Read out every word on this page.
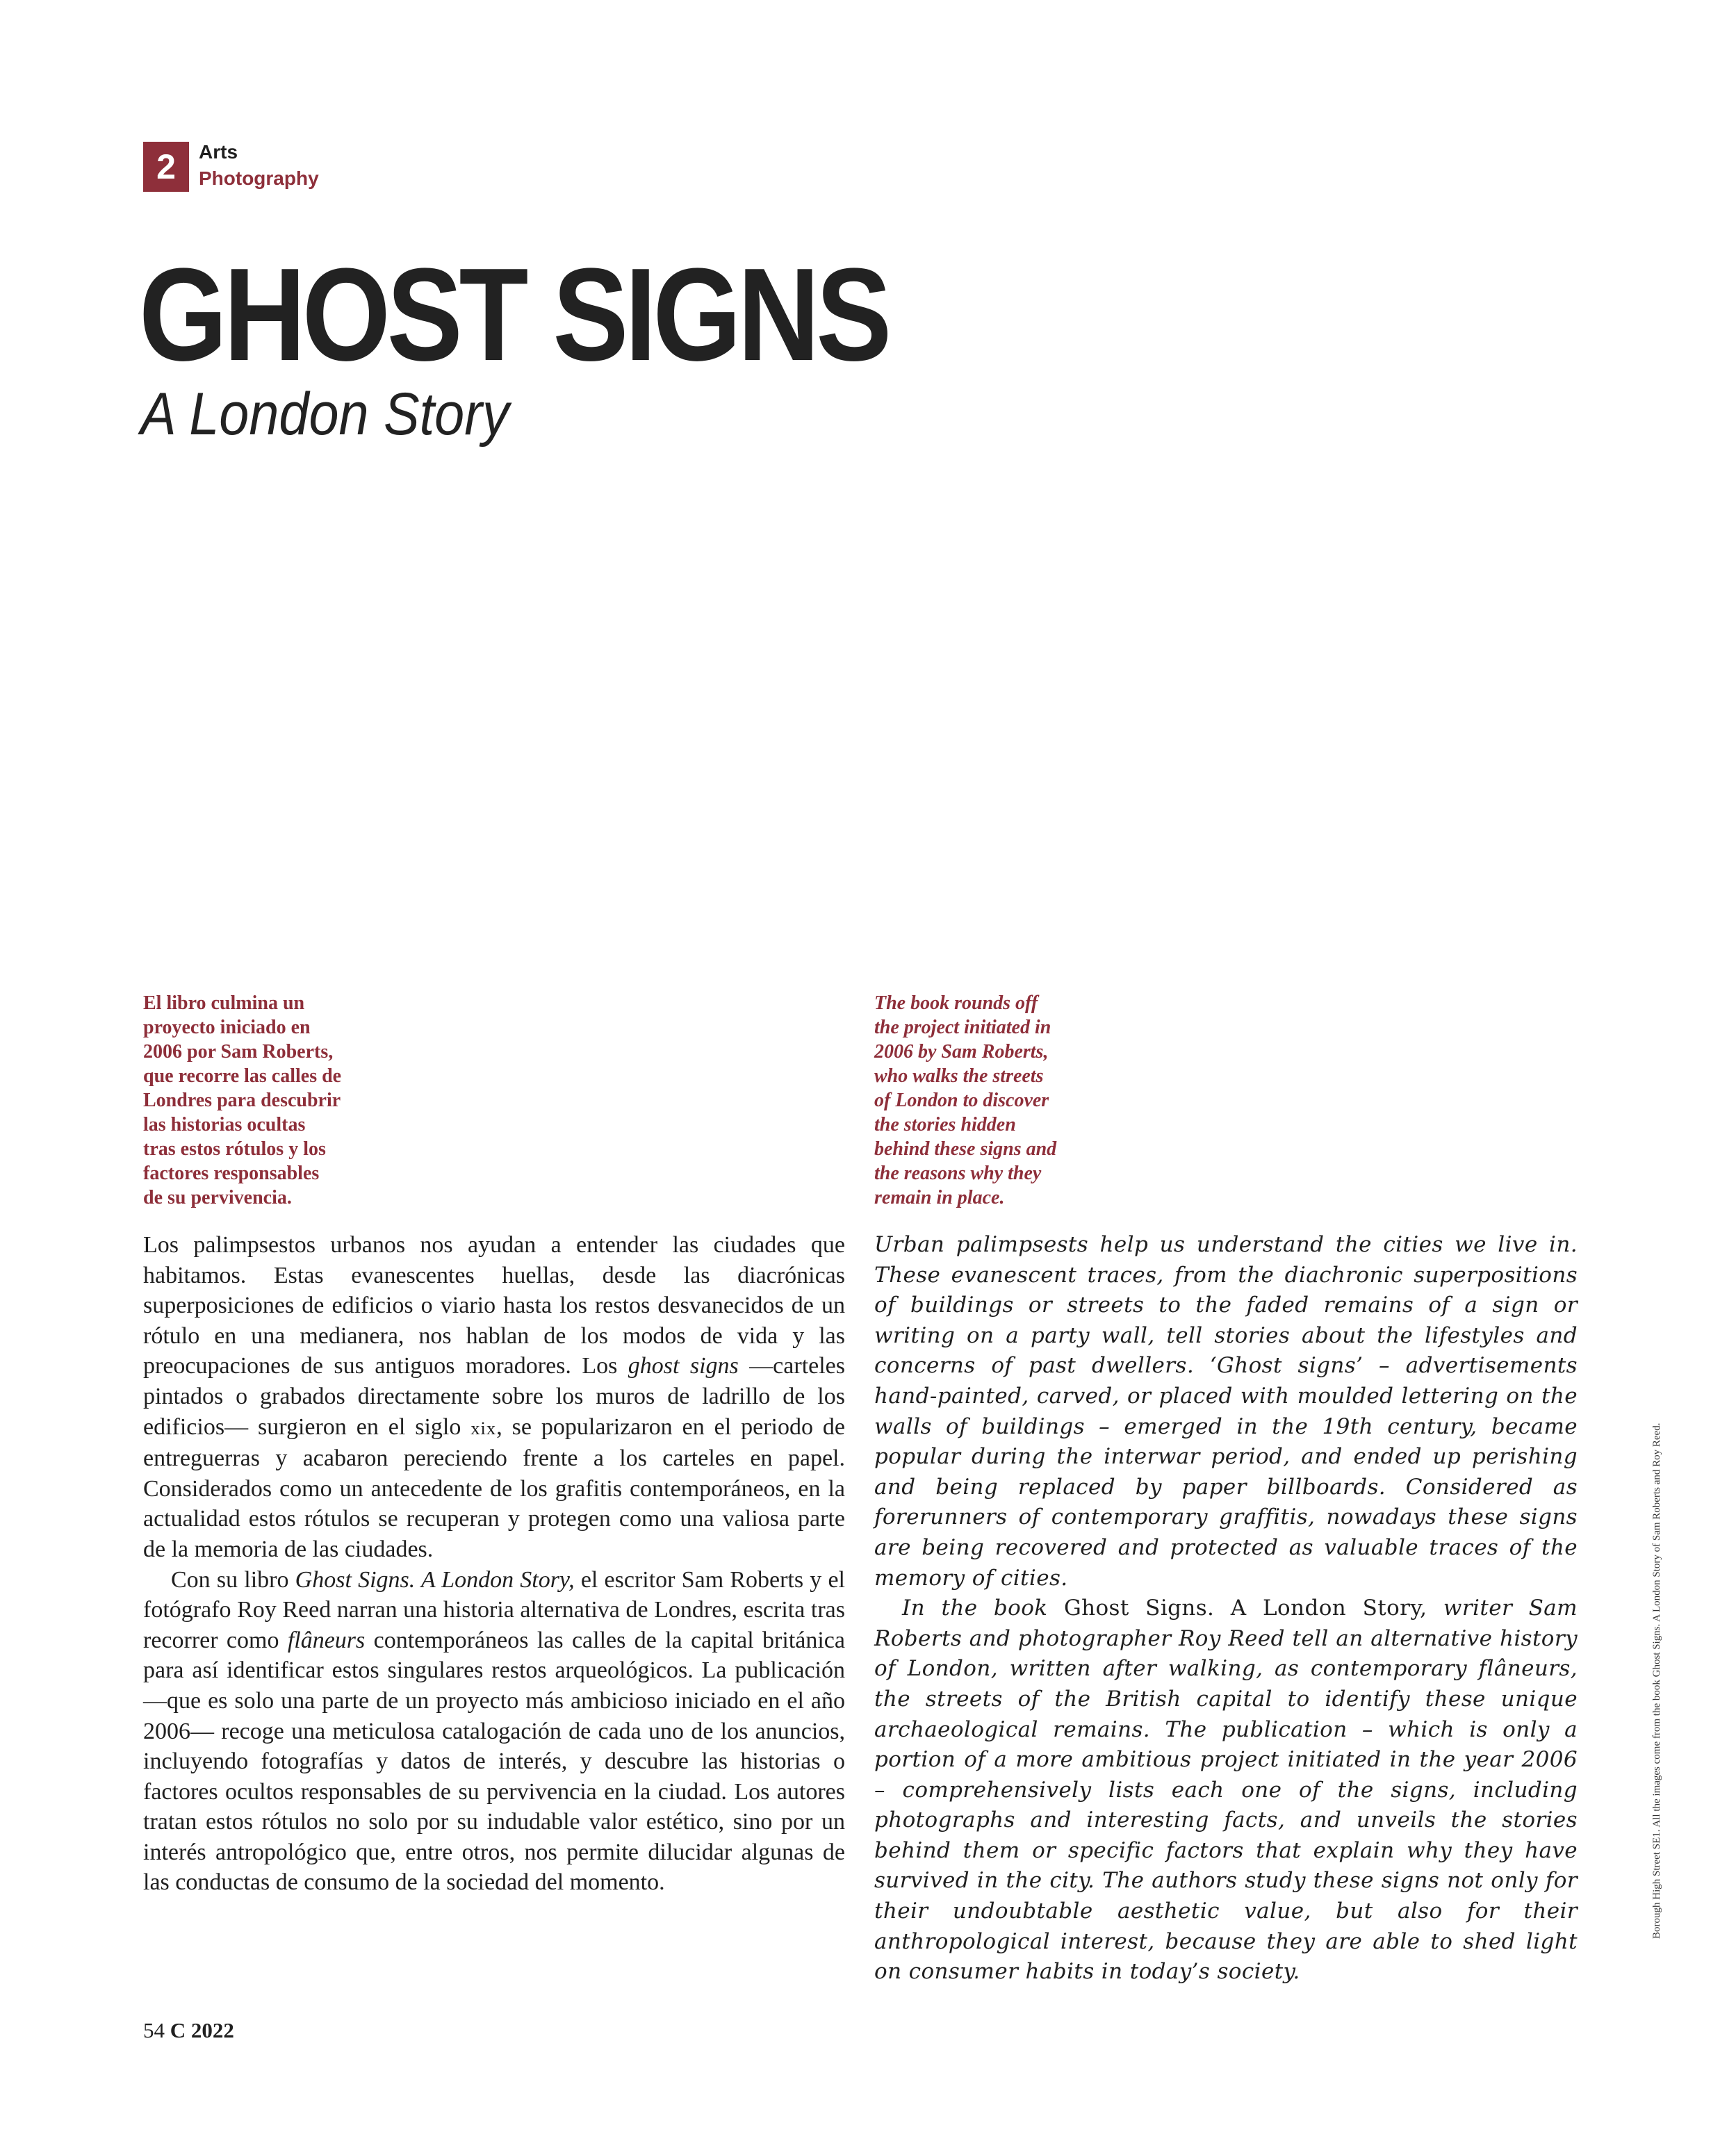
2	Arts
Photography
GHOST SIGNS
A London Story
El libro culmina un
proyecto iniciado en
2006 por Sam Roberts,
que recorre las calles de
Londres para descubrir
las historias ocultas
tras estos rótulos y los
factores responsables
de su pervivencia.
The book rounds off
the project initiated in
2006 by Sam Roberts,
who walks the streets
of London to discover
the stories hidden
behind these signs and
the reasons why they
remain in place.

Los palimpsestos urbanos nos ayudan a entender las ciudades que habitamos. Estas evanescentes huellas, desde las diacrónicas superposiciones de edificios o viario hasta los restos desvanecidos de un rótulo en una medianera, nos hablan de los modos de vida y las preocupaciones de sus antiguos moradores. Los ghost signs —carteles pintados o grabados directamente sobre los muros de ladrillo de los edificios— surgieron en el siglo xix, se popularizaron en el periodo de entreguerras y acabaron pereciendo frente a los carteles en papel. Considerados como un antecedente de los grafitis contemporáneos, en la actualidad estos rótulos se recuperan y protegen como una valiosa parte de la memoria de las ciudades.

Con su libro Ghost Signs. A London Story, el escritor Sam Roberts y el fotógrafo Roy Reed narran una historia alternativa de Londres, escrita tras recorrer como flâneurs contemporáneos las calles de la capital británica para así identificar estos singulares restos arqueológicos. La publicación —que es solo una parte de un proyecto más ambicioso iniciado en el año 2006— recoge una meticulosa catalogación de cada uno de los anuncios, incluyendo fotografías y datos de interés, y descubre las historias o factores ocultos responsables de su pervivencia en la ciudad. Los autores tratan estos rótulos no solo por su indudable valor estético, sino por un interés antropológico que, entre otros, nos permite dilucidar algunas de las conductas de consumo de la sociedad del momento.

Urban palimpsests help us understand the cities we live in. These evanescent traces, from the diachronic superpositions of buildings or streets to the faded remains of a sign or writing on a party wall, tell stories about the lifestyles and concerns of past dwellers. ‘Ghost signs’ – advertisements hand-painted, carved, or placed with moulded lettering on the walls of buildings – emerged in the 19th century, became popular during the interwar period, and ended up perishing and being replaced by paper billboards. Considered as forerunners of contemporary graffitis, nowadays these signs are being recovered and protected as valuable traces of the memory of cities.

In the book Ghost Signs. A London Story, writer Sam Roberts and photographer Roy Reed tell an alternative history of London, written after walking, as contemporary flâneurs, the streets of the British capital to identify these unique archaeological remains. The publication – which is only a portion of a more ambitious project initiated in the year 2006 – comprehensively lists each one of the signs, including photographs and interesting facts, and unveils the stories behind them or specific factors that explain why they have survived in the city. The authors study these signs not only for their undoubtable aesthetic value, but also for their anthropological interest, because they are able to shed light on consumer habits in today’s society.

Borough High Street SE1. All the images come from the book Ghost Signs. A London Story of Sam Roberts and Roy Reed.
54 C 2022
